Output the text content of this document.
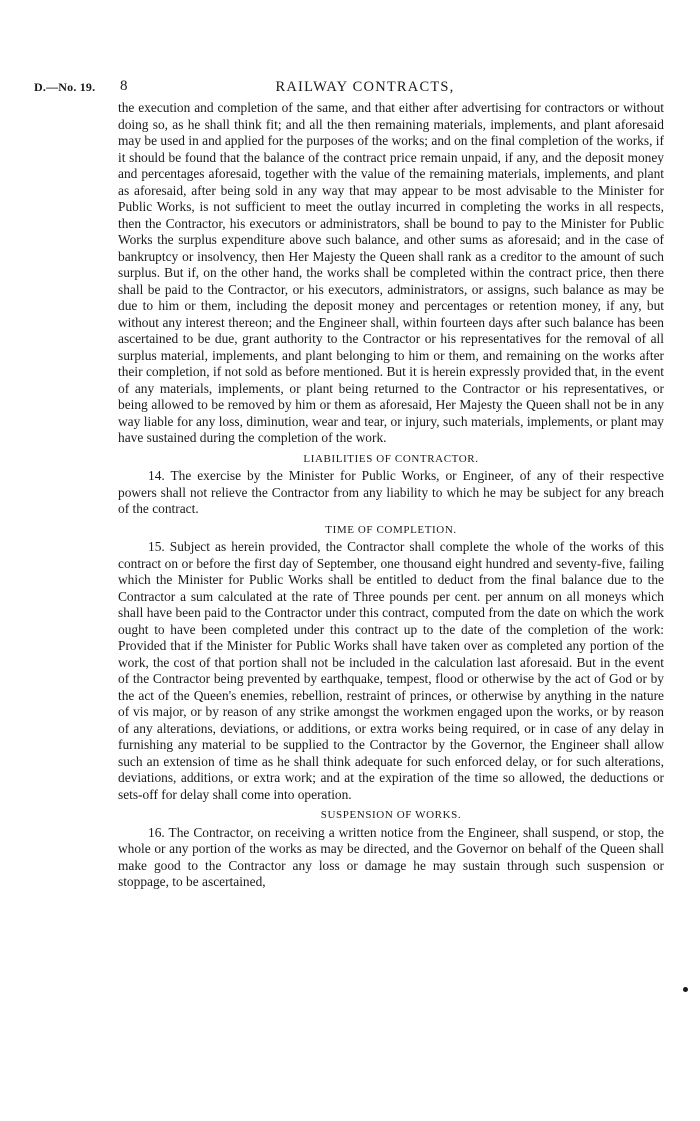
D.—No. 19. 8	RAILWAY CONTRACTS,

the execution and completion of the same, and that either after advertising for contractors or without doing so, as he shall think fit; and all the then remaining materials, implements, and plant aforesaid may be used in and applied for the purposes of the works; and on the final completion of the works, if it should be found that the balance of the contract price remain unpaid, if any, and the deposit money and percentages aforesaid, together with the value of the remaining materials, implements, and plant as aforesaid, after being sold in any way that may appear to be most advisable to the Minister for Public Works, is not sufficient to meet the outlay incurred in completing the works in all respects, then the Contractor, his executors or administrators, shall be bound to pay to the Minister for Public Works the surplus expenditure above such balance, and other sums as aforesaid; and in the case of bankruptcy or insolvency, then Her Majesty the Queen shall rank as a creditor to the amount of such surplus. But if, on the other hand, the works shall be completed within the contract price, then there shall be paid to the Contractor, or his executors, administrators, or assigns, such balance as may be due to him or them, including the deposit money and percentages or retention money, if any, but without any interest thereon; and the Engineer shall, within fourteen days after such balance has been ascertained to be due, grant authority to the Contractor or his representatives for the removal of all surplus material, implements, and plant belonging to him or them, and remaining on the works after their completion, if not sold as before mentioned. But it is herein expressly provided that, in the event of any materials, implements, or plant being returned to the Contractor or his representatives, or being allowed to be removed by him or them as aforesaid, Her Majesty the Queen shall not be in any way liable for any loss, diminution, wear and tear, or injury, such materials, implements, or plant may have sustained during the completion of the work.

LIABILITIES OF CONTRACTOR.

14. The exercise by the Minister for Public Works, or Engineer, of any of their respective powers shall not relieve the Contractor from any liability to which he may be subject for any breach of the contract.

TIME OF COMPLETION.

15. Subject as herein provided, the Contractor shall complete the whole of the works of this contract on or before the first day of September, one thousand eight hundred and seventy-five, failing which the Minister for Public Works shall be entitled to deduct from the final balance due to the Contractor a sum calculated at the rate of Three pounds per cent. per annum on all moneys which shall have been paid to the Contractor under this contract, computed from the date on which the work ought to have been completed under this contract up to the date of the completion of the work: Provided that if the Minister for Public Works shall have taken over as completed any portion of the work, the cost of that portion shall not be included in the calculation last aforesaid. But in the event of the Contractor being prevented by earthquake, tempest, flood or otherwise by the act of God or by the act of the Queen's enemies, rebellion, restraint of princes, or otherwise by anything in the nature of vis major, or by reason of any strike amongst the workmen engaged upon the works, or by reason of any alterations, deviations, or additions, or extra works being required, or in case of any delay in furnishing any material to be supplied to the Contractor by the Governor, the Engineer shall allow such an extension of time as he shall think adequate for such enforced delay, or for such alterations, deviations, additions, or extra work; and at the expiration of the time so allowed, the deductions or sets-off for delay shall come into operation.

SUSPENSION OF WORKS.

16. The Contractor, on receiving a written notice from the Engineer, shall suspend, or stop, the whole or any portion of the works as may be directed, and the Governor on behalf of the Queen shall make good to the Contractor any loss or damage he may sustain through such suspension or stoppage, to be ascertained,
